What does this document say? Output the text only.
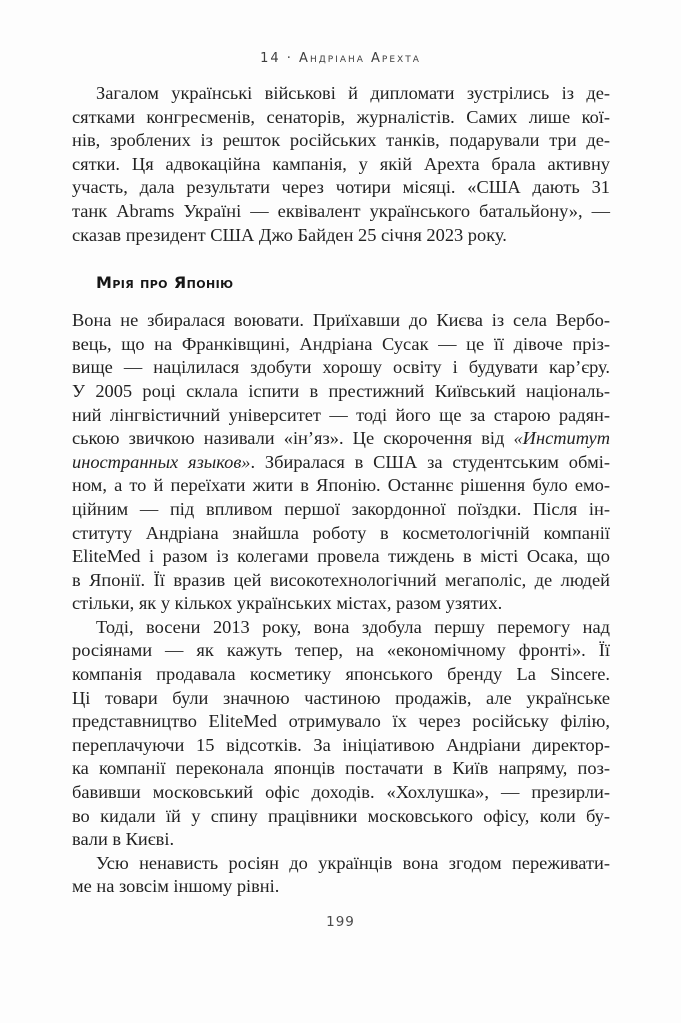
14 · Андріана Арехта
Загалом українські військові й дипломати зустрілись із де-
сятками конгресменів, сенаторів, журналістів. Самих лише кої-
нів, зроблених із решток російських танків, подарували три де-
сятки. Ця адвокаційна кампанія, у якій Арехта брала активну
участь, дала результати через чотири місяці. «США дають 31
танк Abrams Україні — еквівалент українського батальйону», —
сказав президент США Джо Байден 25 січня 2023 року.
Мрія про Японію
Вона не збиралася воювати. Приїхавши до Києва із села Вербо-
вець, що на Франківщині, Андріана Сусак — це її дівоче пріз-
вище — націлилася здобути хорошу освіту і будувати кар’єру.
У 2005 році склала іспити в престижний Київський національ-
ний лінгвістичний університет — тоді його ще за старою радян-
ською звичкою називали «ін’яз». Це скорочення від «Институт
иностранных языков». Збиралася в США за студентським обмі-
ном, а то й переїхати жити в Японію. Останнє рішення було емо-
ційним — під впливом першої закордонної поїздки. Після ін-
ституту Андріана знайшла роботу в косметологічній компанії
EliteMed і разом із колегами провела тиждень в місті Осака, що
в Японії. Її вразив цей високотехнологічний мегаполіс, де людей
стільки, як у кількох українських містах, разом узятих.
Тоді, восени 2013 року, вона здобула першу перемогу над
росіянами — як кажуть тепер, на «економічному фронті». Її
компанія продавала косметику японського бренду La Sincere.
Ці товари були значною частиною продажів, але українське
представництво EliteMed отримувало їх через російську філію,
переплачуючи 15 відсотків. За ініціативою Андріани директор-
ка компанії переконала японців постачати в Київ напряму, поз-
бавивши московський офіс доходів. «Хохлушка», — презирли-
во кидали їй у спину працівники московського офісу, коли бу-
вали в Києві.
Усю ненависть росіян до українців вона згодом переживати-
ме на зовсім іншому рівні.
199
